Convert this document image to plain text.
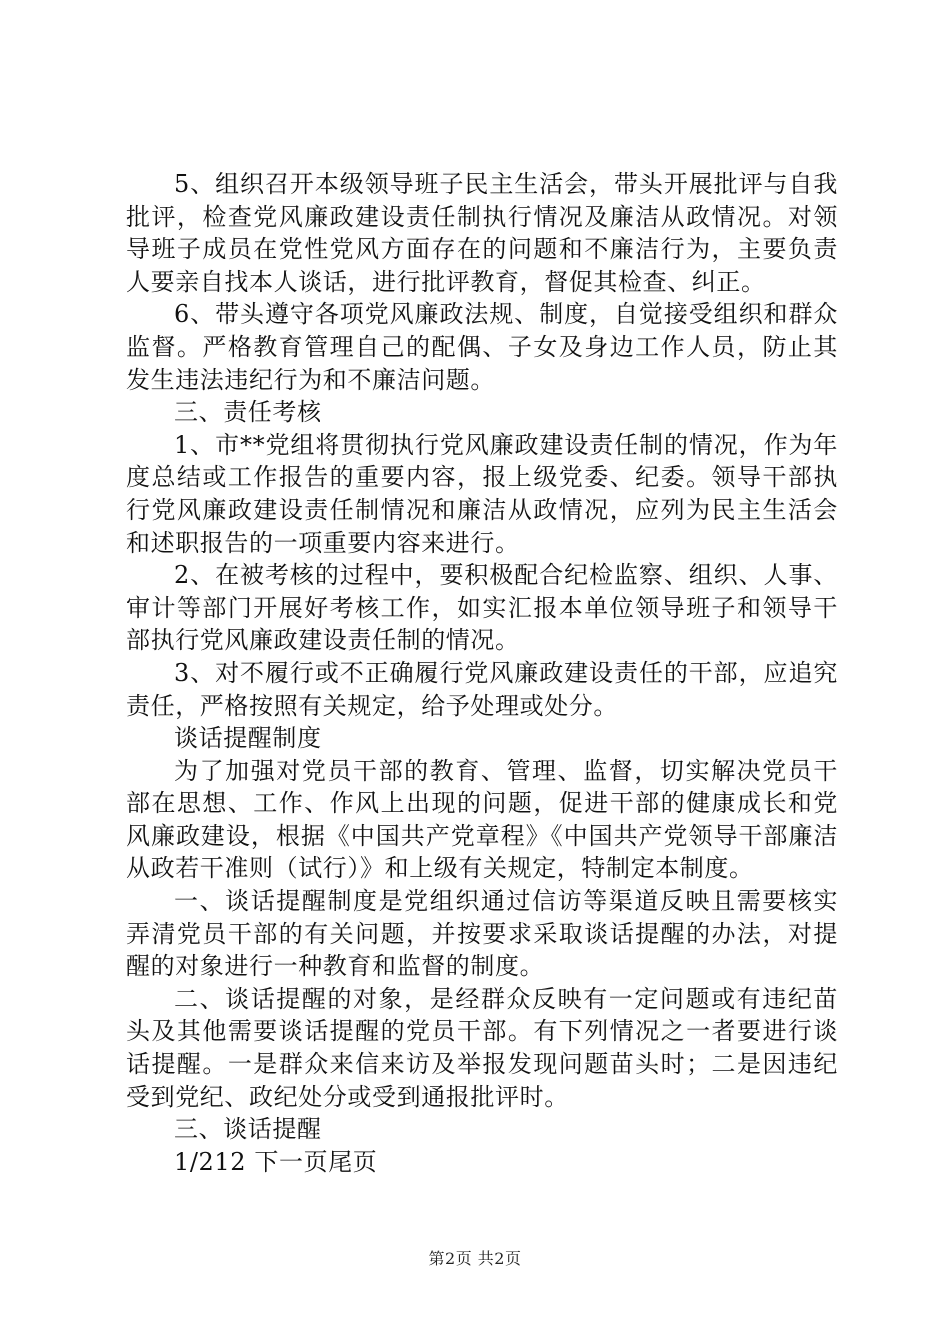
5、组织召开本级领导班子民主生活会，带头开展批评与自我批评，检查党风廉政建设责任制执行情况及廉洁从政情况。对领导班子成员在党性党风方面存在的问题和不廉洁行为，主要负责人要亲自找本人谈话，进行批评教育，督促其检查、纠正。

6、带头遵守各项党风廉政法规、制度，自觉接受组织和群众监督。严格教育管理自己的配偶、子女及身边工作人员，防止其发生违法违纪行为和不廉洁问题。

三、责任考核

1、市**党组将贯彻执行党风廉政建设责任制的情况，作为年度总结或工作报告的重要内容，报上级党委、纪委。领导干部执行党风廉政建设责任制情况和廉洁从政情况，应列为民主生活会和述职报告的一项重要内容来进行。

2、在被考核的过程中，要积极配合纪检监察、组织、人事、审计等部门开展好考核工作，如实汇报本单位领导班子和领导干部执行党风廉政建设责任制的情况。

3、对不履行或不正确履行党风廉政建设责任的干部，应追究责任，严格按照有关规定，给予处理或处分。

谈话提醒制度

为了加强对党员干部的教育、管理、监督，切实解决党员干部在思想、工作、作风上出现的问题，促进干部的健康成长和党风廉政建设，根据《中国共产党章程》《中国共产党领导干部廉洁从政若干准则（试行）》和上级有关规定，特制定本制度。

一、谈话提醒制度是党组织通过信访等渠道反映且需要核实弄清党员干部的有关问题，并按要求采取谈话提醒的办法，对提醒的对象进行一种教育和监督的制度。

二、谈话提醒的对象，是经群众反映有一定问题或有违纪苗头及其他需要谈话提醒的党员干部。有下列情况之一者要进行谈话提醒。一是群众来信来访及举报发现问题苗头时；二是因违纪受到党纪、政纪处分或受到通报批评时。

三、谈话提醒

1/212 下一页尾页

第2页 共2页
